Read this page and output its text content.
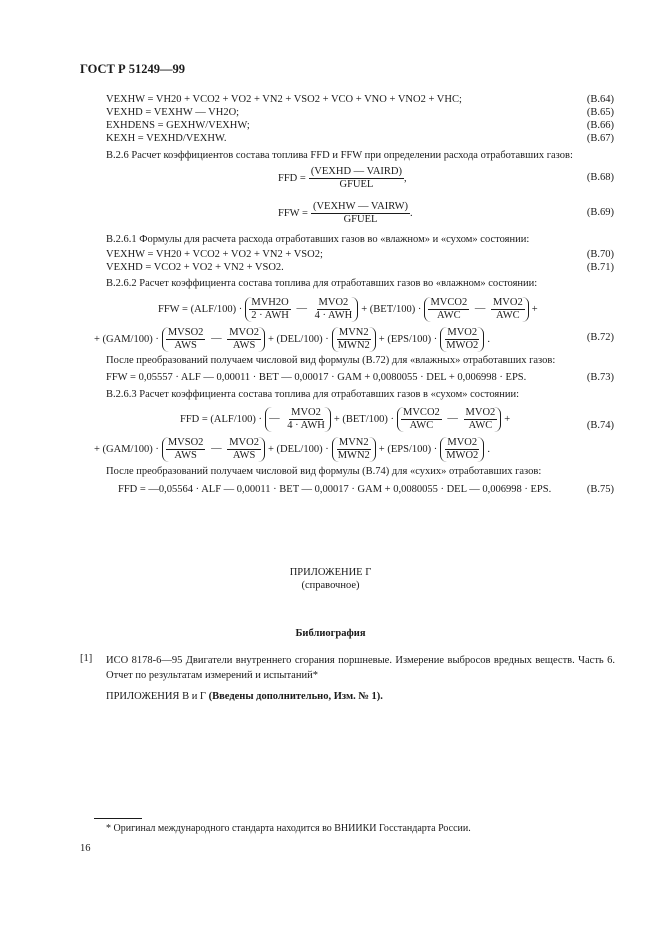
ГОСТ Р 51249—99
VEXHW = VH20 + VCO2 + VO2 + VN2 + VSO2 + VCO + VNO + VNO2 + VHC;	(B.64)
VEXHD = VEXHW — VH2O;	(B.65)
EXHDENS = GEXHW/VEXHW;	(B.66)
KEXH = VEXHD/VEXHW.	(B.67)
B.2.6 Расчет коэффициентов состава топлива FFD и FFW при определении расхода отработавших газов:
FFD = $\frac{\text{(VEXHD — VAIRD)}}{\text{GFUEL}}$ ,	(B.68)
FFW = $\frac{\text{(VEXHW — VAIRW)}}{\text{GFUEL}}$ .	(B.69)
B.2.6.1 Формулы для расчета расхода отработавших газов во «влажном» и «сухом» состоянии:
VEXHW = VH20 + VCO2 + VO2 + VN2 + VSO2;	(B.70)
VEXHD = VCO2 + VO2 + VN2 + VSO2.	(B.71)
B.2.6.2 Расчет коэффициента состава топлива для отработавших газов во «влажном» состоянии:
FFW = $(ALF/100) \cdot \frac{\text{MVH2O}}{\text{2 · AWH}}$ — $\frac{\text{MVO2}}{\text{4 · AWH}} + (BET/100) \cdot \frac{\text{MVCO2}}{\text{AWC}}$ — $\frac{\text{MVO2}}{\text{AWC}}$ +
+ $(GAM/100) \cdot \frac{\text{MVSO2}}{\text{AWS}}$ — $\frac{\text{MVO2}}{\text{AWS}} + (DEL/100) \cdot \frac{\text{MVN2}}{\text{MWN2}} + (EPS/100) \cdot \frac{\text{MVO2}}{\text{MWO2}}$ .	(B.72)
После преобразований получаем числовой вид формулы (B.72) для «влажных» отработавших газов:
FFW = 0,05557 · ALF — 0,00011 · BET — 0,00017 · GAM + 0,0080055 · DEL + 0,006998 · EPS.	(B.73)
B.2.6.3 Расчет коэффициента состава топлива для отработавших газов в «сухом» состоянии:
FFD = (ALF/100) · — $\frac{\text{MVO2}}{\text{4 · AWH}} + (BET/100) \cdot \frac{\text{MVCO2}}{\text{AWC}}$ — $\frac{\text{MVO2}}{\text{AWC}}$ +
+ $(GAM/100) \cdot \frac{\text{MVSO2}}{\text{AWS}}$ — $\frac{\text{MVO2}}{\text{AWS}} + (DEL/100) \cdot \frac{\text{MVN2}}{\text{MWN2}} + (EPS/100) \cdot \frac{\text{MVO2}}{\text{MWO2}}$ .
(B.74)
После преобразований получаем числовой вид формулы (B.74) для «сухих» отработавших газов:
FFD = —0,05564 · ALF — 0,00011 · BET — 0,00017 · GAM + 0,0080055 · DEL — 0,006998 · EPS.	(B.75)
ПРИЛОЖЕНИЕ Г
(справочное)
Библиография
[1] ИСО 8178-6—95 Двигатели внутреннего сгорания поршневые. Измерение выбросов вредных веществ. Часть 6. Отчет по результатам измерений и испытаний*
ПРИЛОЖЕНИЯ В и Г (Введены дополнительно, Изм. № 1).
* Оригинал международного стандарта находится во ВНИИКИ Госстандарта России.
16
